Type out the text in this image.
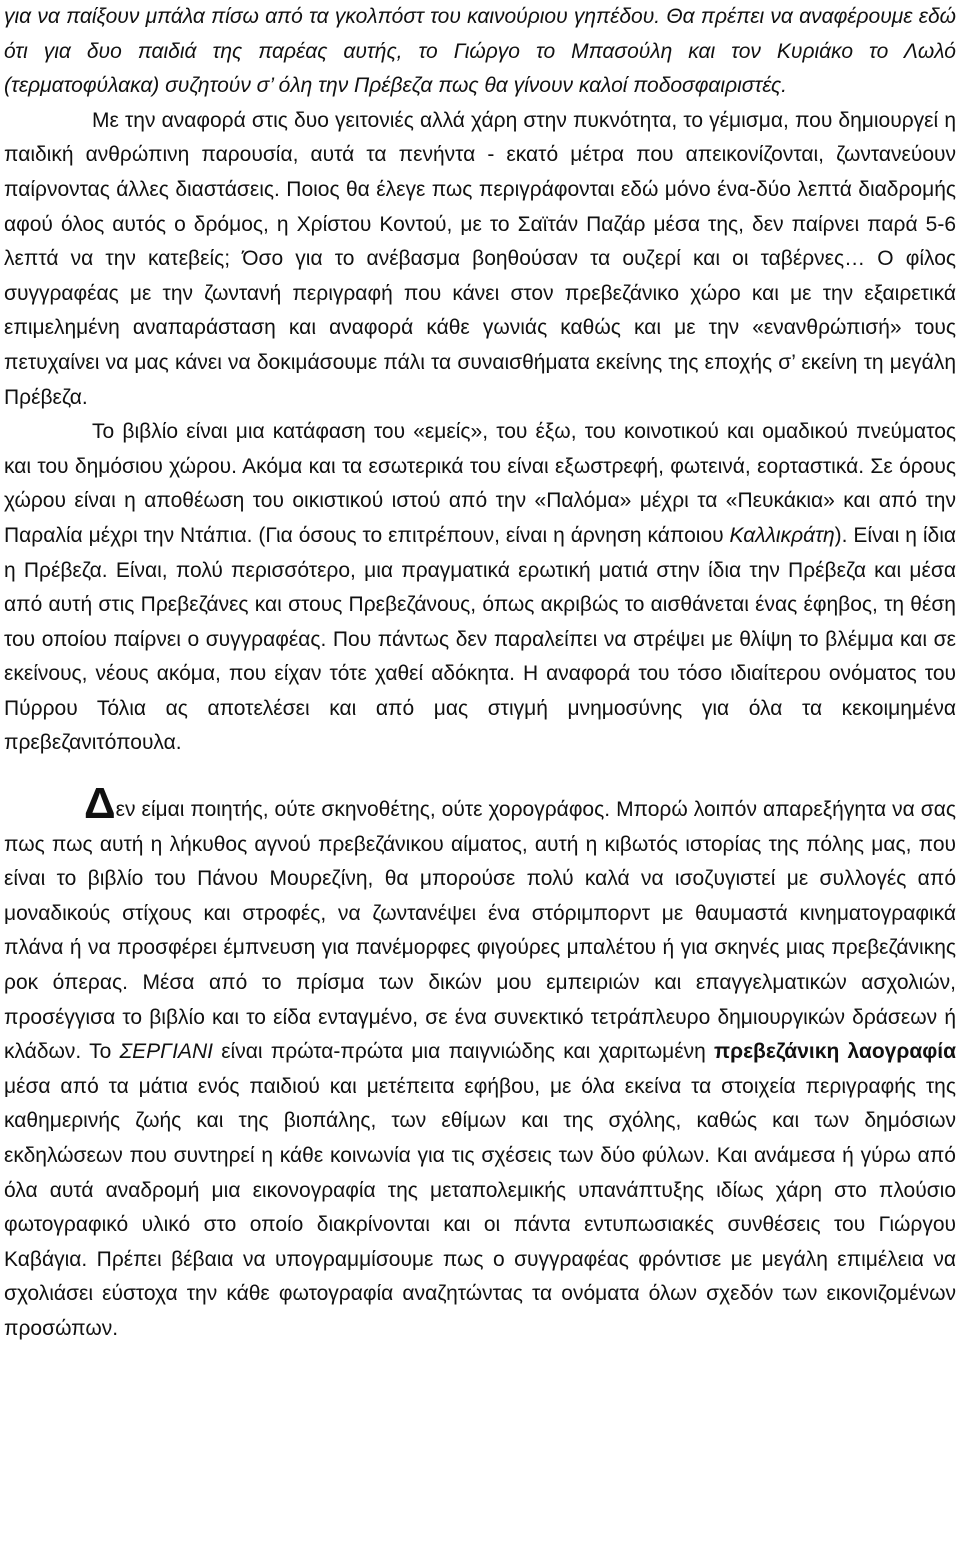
για να παίξουν μπάλα πίσω από τα γκολπόστ του καινούριου γηπέδου. Θα πρέπει να αναφέρουμε εδώ ότι για δυο παιδιά της παρέας αυτής, το Γιώργο το Μπασούλη και τον Κυριάκο το Λωλό (τερματοφύλακα) συζητούν σ’ όλη την Πρέβεζα πως θα γίνουν καλοί ποδοσφαιριστές.

Με την αναφορά στις δυο γειτονιές αλλά χάρη στην πυκνότητα, το γέμισμα, που δημιουργεί η παιδική ανθρώπινη παρουσία, αυτά τα πενήντα - εκατό μέτρα που απεικονίζονται, ζωντανεύουν παίρνοντας άλλες διαστάσεις. Ποιος θα έλεγε πως περιγράφονται εδώ μόνο ένα-δύο λεπτά διαδρομής αφού όλος αυτός ο δρόμος, η Χρίστου Κοντού, με το Σαϊτάν Παζάρ μέσα της, δεν παίρνει παρά 5-6 λεπτά να την κατεβείς; Όσο για το ανέβασμα βοηθούσαν τα ουζερί και οι ταβέρνες… Ο φίλος συγγραφέας με την ζωντανή περιγραφή που κάνει στον πρεβεζάνικο χώρο και με την εξαιρετικά επιμελημένη αναπαράσταση και αναφορά κάθε γωνιάς καθώς και με την «ενανθρώπισή» τους πετυχαίνει να μας κάνει να δοκιμάσουμε πάλι τα συναισθήματα εκείνης της εποχής σ’ εκείνη τη μεγάλη Πρέβεζα.

Το βιβλίο είναι μια κατάφαση του «εμείς», του έξω, του κοινοτικού και ομαδικού πνεύματος και του δημόσιου χώρου. Ακόμα και τα εσωτερικά του είναι εξωστρεφή, φωτεινά, εορταστικά. Σε όρους χώρου είναι η αποθέωση του οικιστικού ιστού από την «Παλόμα» μέχρι τα «Πευκάκια» και από την Παραλία μέχρι την Ντάπια. (Για όσους το επιτρέπουν, είναι η άρνηση κάποιου Καλλικράτη). Είναι η ίδια η Πρέβεζα. Είναι, πολύ περισσότερο, μια πραγματικά ερωτική ματιά στην ίδια την Πρέβεζα και μέσα από αυτή στις Πρεβεζάνες και στους Πρεβεζάνους, όπως ακριβώς το αισθάνεται ένας έφηβος, τη θέση του οποίου παίρνει ο συγγραφέας. Που πάντως δεν παραλείπει να στρέψει με θλίψη το βλέμμα και σε εκείνους, νέους ακόμα, που είχαν τότε χαθεί αδόκητα. Η αναφορά του τόσο ιδιαίτερου ονόματος του Πύρρου Τόλια ας αποτελέσει και από μας στιγμή μνημοσύνης για όλα τα κεκοιμημένα πρεβεζανιτόπουλα.

Δεν είμαι ποιητής, ούτε σκηνοθέτης, ούτε χορογράφος. Μπορώ λοιπόν απαρεξήγητα να σας πως πως αυτή η λήκυθος αγνού πρεβεζάνικου αίματος, αυτή η κιβωτός ιστορίας της πόλης μας, που είναι το βιβλίο του Πάνου Μουρεζίνη, θα μπορούσε πολύ καλά να ισοζυγιστεί με συλλογές από μοναδικούς στίχους και στροφές, να ζωντανέψει ένα στόριμπορντ με θαυμαστά κινηματογραφικά πλάνα ή να προσφέρει έμπνευση για πανέμορφες φιγούρες μπαλέτου ή για σκηνές μιας πρεβεζάνικης ροκ όπερας. Μέσα από το πρίσμα των δικών μου εμπειριών και επαγγελματικών ασχολιών, προσέγγισα το βιβλίο και το είδα ενταγμένο, σε ένα συνεκτικό τετράπλευρο δημιουργικών δράσεων ή κλάδων. Το ΣΕΡΓΙΑΝΙ είναι πρώτα-πρώτα μια παιγνιώδης και χαριτωμένη πρεβεζάνικη λαογραφία μέσα από τα μάτια ενός παιδιού και μετέπειτα εφήβου, με όλα εκείνα τα στοιχεία περιγραφής της καθημερινής ζωής και της βιοπάλης, των εθίμων και της σχόλης, καθώς και των δημόσιων εκδηλώσεων που συντηρεί η κάθε κοινωνία για τις σχέσεις των δύο φύλων. Και ανάμεσα ή γύρω από όλα αυτά αναδρομή μια εικονογραφία της μεταπολεμικής υπανάπτυξης ιδίως χάρη στο πλούσιο φωτογραφικό υλικό στο οποίο διακρίνονται και οι πάντα εντυπωσιακές συνθέσεις του Γιώργου Καβάγια. Πρέπει βέβαια να υπογραμμίσουμε πως ο συγγραφέας φρόντισε με μεγάλη επιμέλεια να σχολιάσει εύστοχα την κάθε φωτογραφία αναζητώντας τα ονόματα όλων σχεδόν των εικονιζομένων προσώπων.
